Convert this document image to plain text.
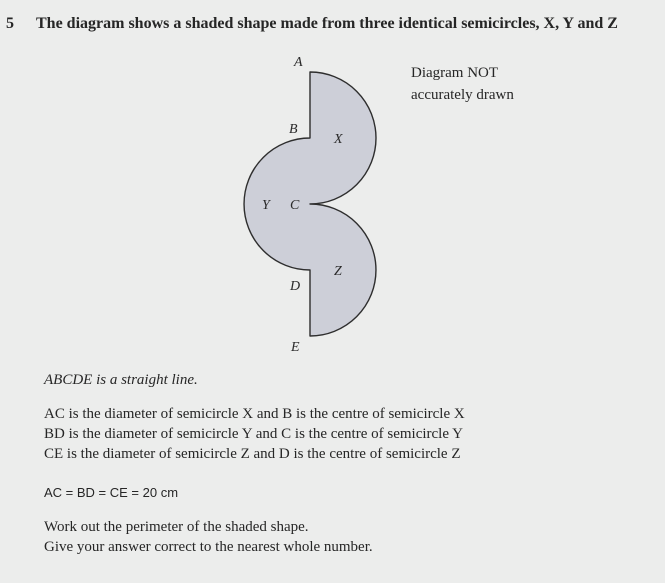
5 The diagram shows a shaded shape made from three identical semicircles, X, Y and Z
Diagram NOT
accurately drawn
A
B
C
D
E
X
Y
Z
ABCDE is a straight line.
AC is the diameter of semicircle X and B is the centre of semicircle X
BD is the diameter of semicircle Y and C is the centre of semicircle Y
CE is the diameter of semicircle Z and D is the centre of semicircle Z
AC = BD = CE = 20 cm
Work out the perimeter of the shaded shape.
Give your answer correct to the nearest whole number.
